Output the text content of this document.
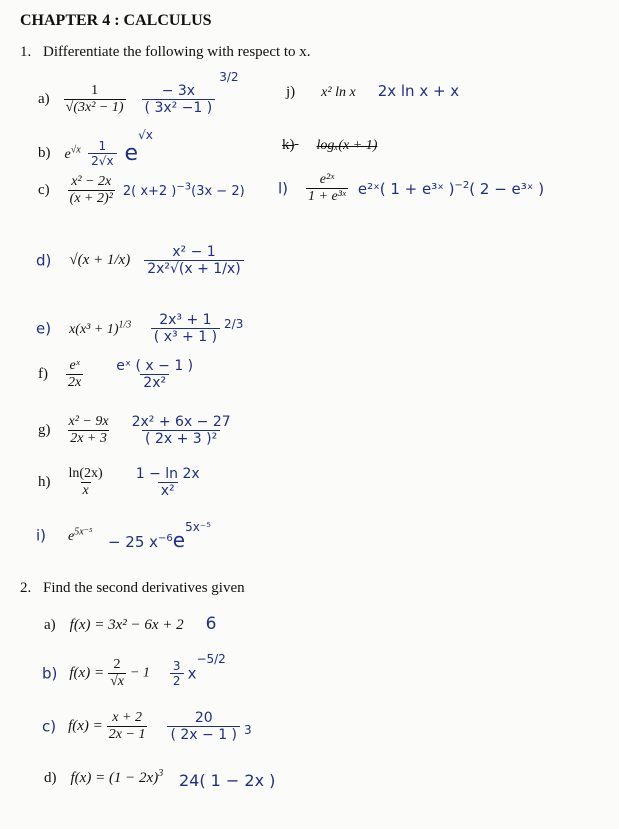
CHAPTER 4 : CALCULUS
1. Differentiate the following with respect to x.
$a) \frac{1}{\text{√(3x² − 1)}}$
$\frac{- 3x}{\text{( 3x² −1 )}}$
$^{3/2}$
j) x² ln x 2x ln x + x
b) $e^{√x} \frac{1}{2√x} e^{√x}$
k) logₓ(x + 1)
$c) \frac{\text{x² − 2x}}{\text{(x + 2)²}} 2$( x+2 )$^{-3}$(3x − 2) $l) \frac{\text{e²ˣ}}{\text{1 + e³ˣ}}$ e²ˣ( 1 + e³ˣ )$^{-2}$( 2 − e³ˣ )
d) $√(x + 1/x) \frac{\text{x² − 1}}{\text{2x²√(x + 1/x)}}$
e) $x(x^3 + 1)^{1/3} \frac{\text{2x³ + 1}}{\text{( x³ + 1 )}} ^{2/3}$
$f) \frac{\text{eˣ}}{2x}$
$\frac{\text{eˣ ( x − 1 )}}{\text{2x²}}$
$g) \frac{\text{x² − 9x}}{2x + 3}$
$\frac{\text{2x² + 6x − 27}}{\text{( 2x + 3 )²}}$
$h) \frac{\ln(2x)}{x}$
$\frac{1 - \ln 2x}{\text{x²}}$
i) $e^{5x^{-5}} - 25$ $x^{-6}e^{5x^{-5}}$
2. Find the second derivatives given
a) f(x) = 3x² − 6x + 2 6
b) $f(x) = \frac{2}{√x} - 1 \frac{3}{2} x^{-5/2}$
c) $f(x) = \frac{x + 2}{2x - 1}$
$\frac{20}{( 2x - 1 )} _3$
d) $f(x) = (1 - 2x)^3$ 24( 1 − 2x )
